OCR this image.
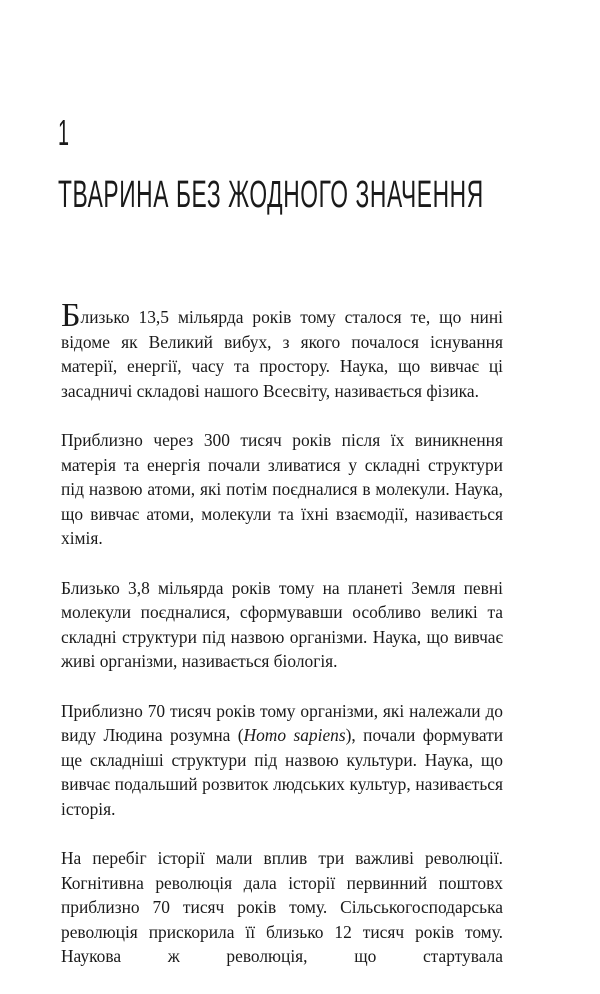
1
ТВАРИНА БЕЗ ЖОДНОГО ЗНАЧЕННЯ

Близько 13,5 мільярда років тому сталося те, що нині відоме як Великий вибух, з якого почалося існування матерії, енергії, часу та простору. Наука, що вивчає ці засадничі складові нашого Всесвіту, називається фізика.

Приблизно через 300 тисяч років після їх виникнення матерія та енергія почали зливатися у складні структури під назвою атоми, які потім поєдналися в молекули. Наука, що вивчає атоми, молекули та їхні взаємодії, називається хімія.

Близько 3,8 мільярда років тому на планеті Земля певні молекули поєдналися, сформувавши особливо великі та складні структури під назвою організми. Наука, що вивчає живі організми, називається біологія.

Приблизно 70 тисяч років тому організми, які належали до виду Людина розумна (Homo sapiens), почали формувати ще складніші структури під назвою культури. Наука, що вивчає подальший розвиток людських культур, називається історія.

На перебіг історії мали вплив три важливі революції. Когнітивна революція дала історії первинний поштовх приблизно 70 тисяч років тому. Сільськогосподарська революція прискорила її близько 12 тисяч років тому. Наукова ж революція, що стартувала
